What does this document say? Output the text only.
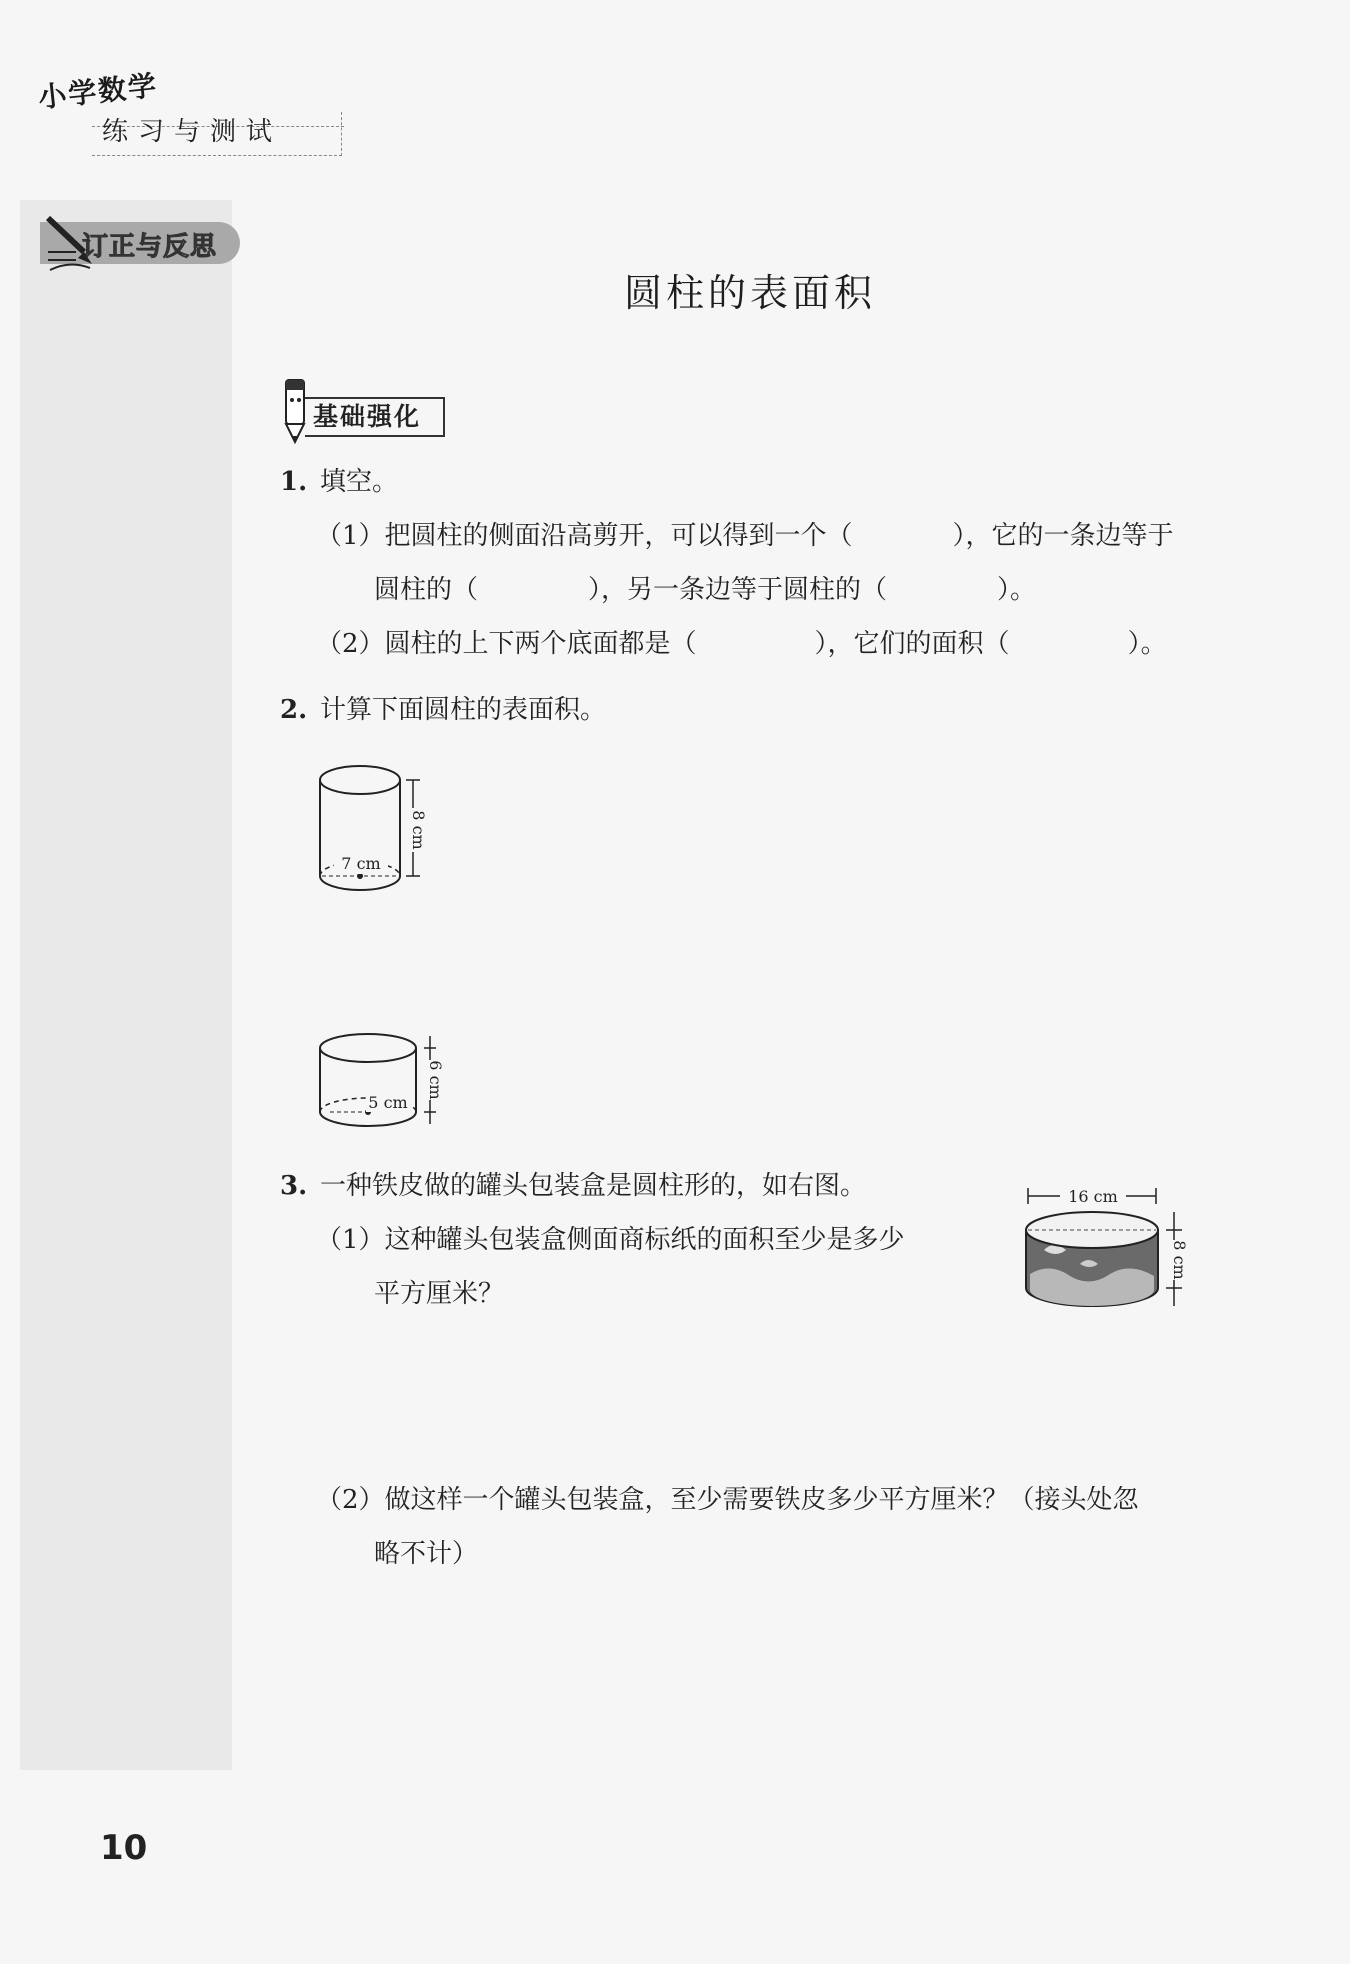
小学数学
练习与测试
订正与反思
圆柱的表面积
基础强化
1. 填空。
（1）把圆柱的侧面沿高剪开，可以得到一个（	），它的一条边等于
圆柱的（	），另一条边等于圆柱的（	）。
（2）圆柱的上下两个底面都是（	），它们的面积（	）。
2. 计算下面圆柱的表面积。
8 cm
7 cm
6 cm
5 cm
3. 一种铁皮做的罐头包装盒是圆柱形的，如右图。
（1）这种罐头包装盒侧面商标纸的面积至少是多少
平方厘米？
16 cm
8 cm
（2）做这样一个罐头包装盒，至少需要铁皮多少平方厘米？（接头处忽
略不计）
10
